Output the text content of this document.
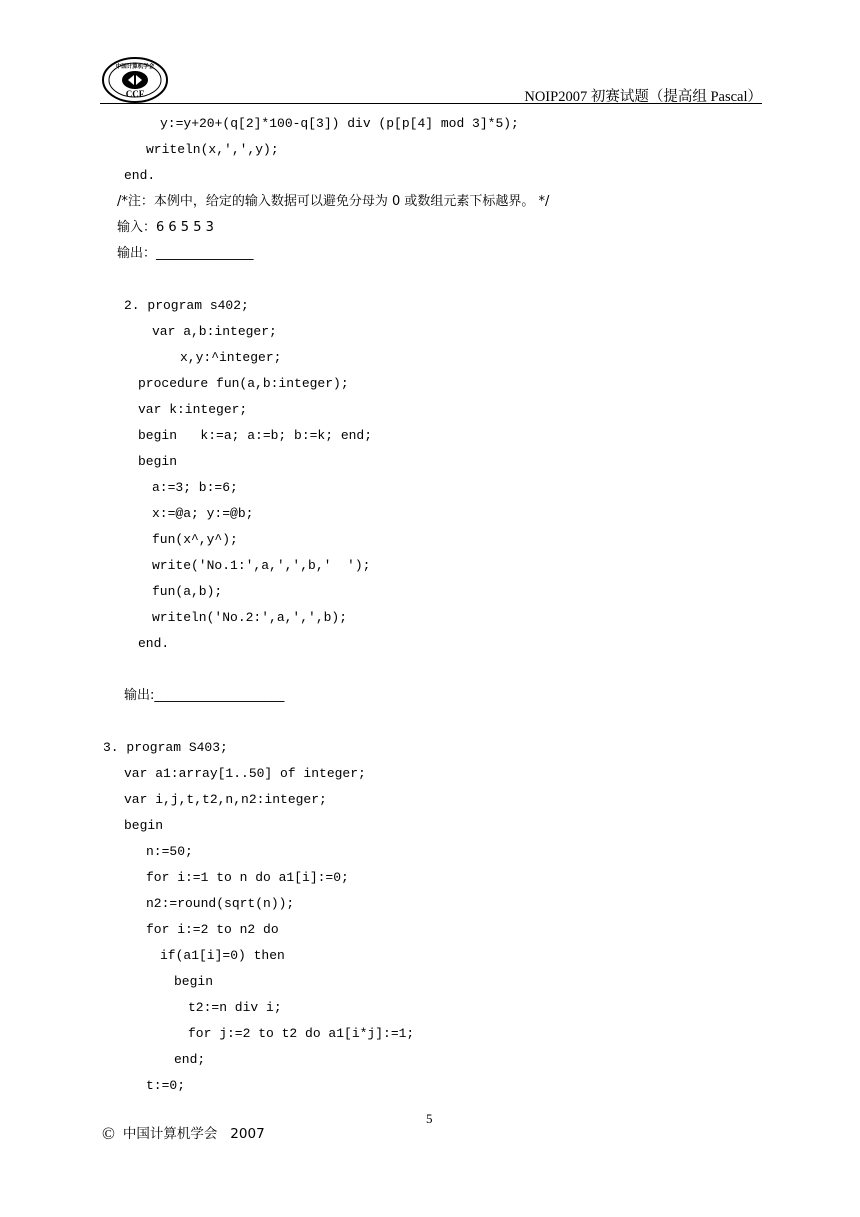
中国计算机学会
CCF	NOIP2007 初赛试题（提高组 Pascal）
y:=y+20+(q[2]*100-q[3]) div (p[p[4] mod 3]*5);
writeln(x,',',y);
end.
/*注：本例中，给定的输入数据可以避免分母为 0 或数组元素下标越界。 */
输入：6 6 5 5 3
输出：_______________
2. program s402;
var a,b:integer;
x,y:^integer;
procedure fun(a,b:integer);
var k:integer;
begin   k:=a; a:=b; b:=k; end;
begin
a:=3; b:=6;
x:=@a; y:=@b;
fun(x^,y^);
write('No.1:',a,',',b,'  ');
fun(a,b);
writeln('No.2:',a,',',b);
end.
输出:____________________
3. program S403;
var a1:array[1..50] of integer;
var i,j,t,t2,n,n2:integer;
begin
n:=50;
for i:=1 to n do a1[i]:=0;
n2:=round(sqrt(n));
for i:=2 to n2 do
if(a1[i]=0) then
begin
t2:=n div i;
for j:=2 to t2 do a1[i*j]:=1;
end;
t:=0;
5
© 中国计算机学会   2007
